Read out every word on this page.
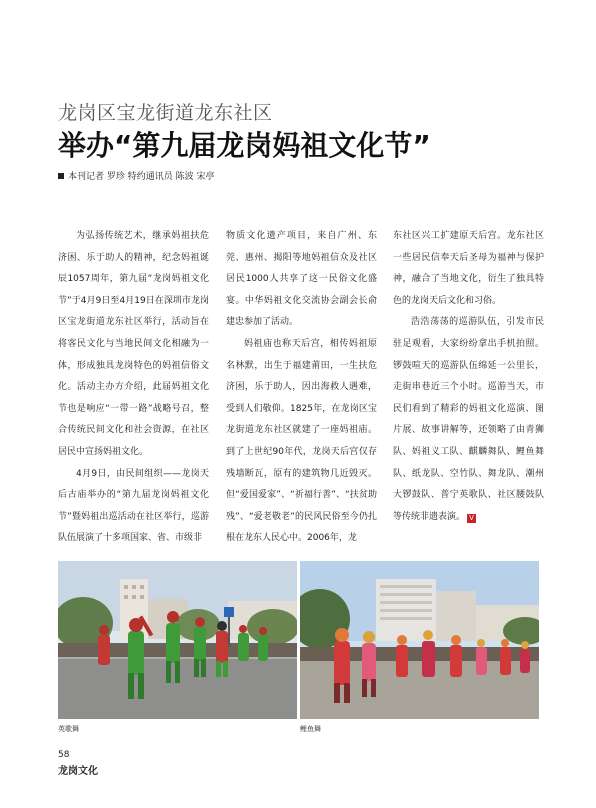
龙岗区宝龙街道龙东社区
举办“第九届龙岗妈祖文化节”
本刊记者 罗珍 特约通讯员 陈波 宋亭

为弘扬传统艺术，继承妈祖扶危济困、乐于助人的精神，纪念妈祖诞辰1057周年，第九届“龙岗妈祖文化节”于4月9日至4月19日在深圳市龙岗区宝龙街道龙东社区举行，活动旨在将客民文化与当地民间文化相融为一体，形成独具龙岗特色的妈祖信俗文化。活动主办方介绍，此届妈祖文化节也是响应“一带一路”战略号召，整合传统民间文化和社会资源，在社区居民中宣扬妈祖文化。

4月9日，由民间组织——龙岗天后古庙举办的“第九届龙岗妈祖文化节”暨妈祖出巡活动在社区举行，巡游队伍展演了十多项国家、省、市级非

物质文化遗产项目，来自广州、东莞、惠州、揭阳等地妈祖信众及社区居民1000人共享了这一民俗文化盛宴。中华妈祖文化交流协会副会长俞建忠参加了活动。

妈祖庙也称天后宫，相传妈祖原名林默，出生于福建莆田，一生扶危济困，乐于助人，因出海救人遇难，受到人们敬仰。1825年，在龙岗区宝龙街道龙东社区就建了一座妈祖庙。到了上世纪90年代，龙岗天后宫仅存残墙断瓦，原有的建筑物几近毁灭。但“爱国爱家”、“祈福行善”、“扶贫助残”、“爱老敬老”的民风民俗至今仍扎根在龙东人民心中。2006年，龙

东社区兴工扩建原天后宫。龙东社区一些居民信奉天后圣母为福神与保护神，融合了当地文化，衍生了独具特色的龙岗天后文化和习俗。

浩浩荡荡的巡游队伍，引发市民驻足观看，大家纷纷拿出手机拍照。锣鼓喧天的巡游队伍绵延一公里长，走街串巷近三个小时。巡游当天，市民们看到了精彩的妈祖文化巡演、图片展、故事讲解等，还领略了由青狮队、妈祖义工队、麒麟舞队、鲤鱼舞队、纸龙队、空竹队、舞龙队、潮州大锣鼓队、普宁英歌队、社区腰鼓队等传统非遗表演。 V

英歌舞	鲤鱼舞
58
龙岗文化
